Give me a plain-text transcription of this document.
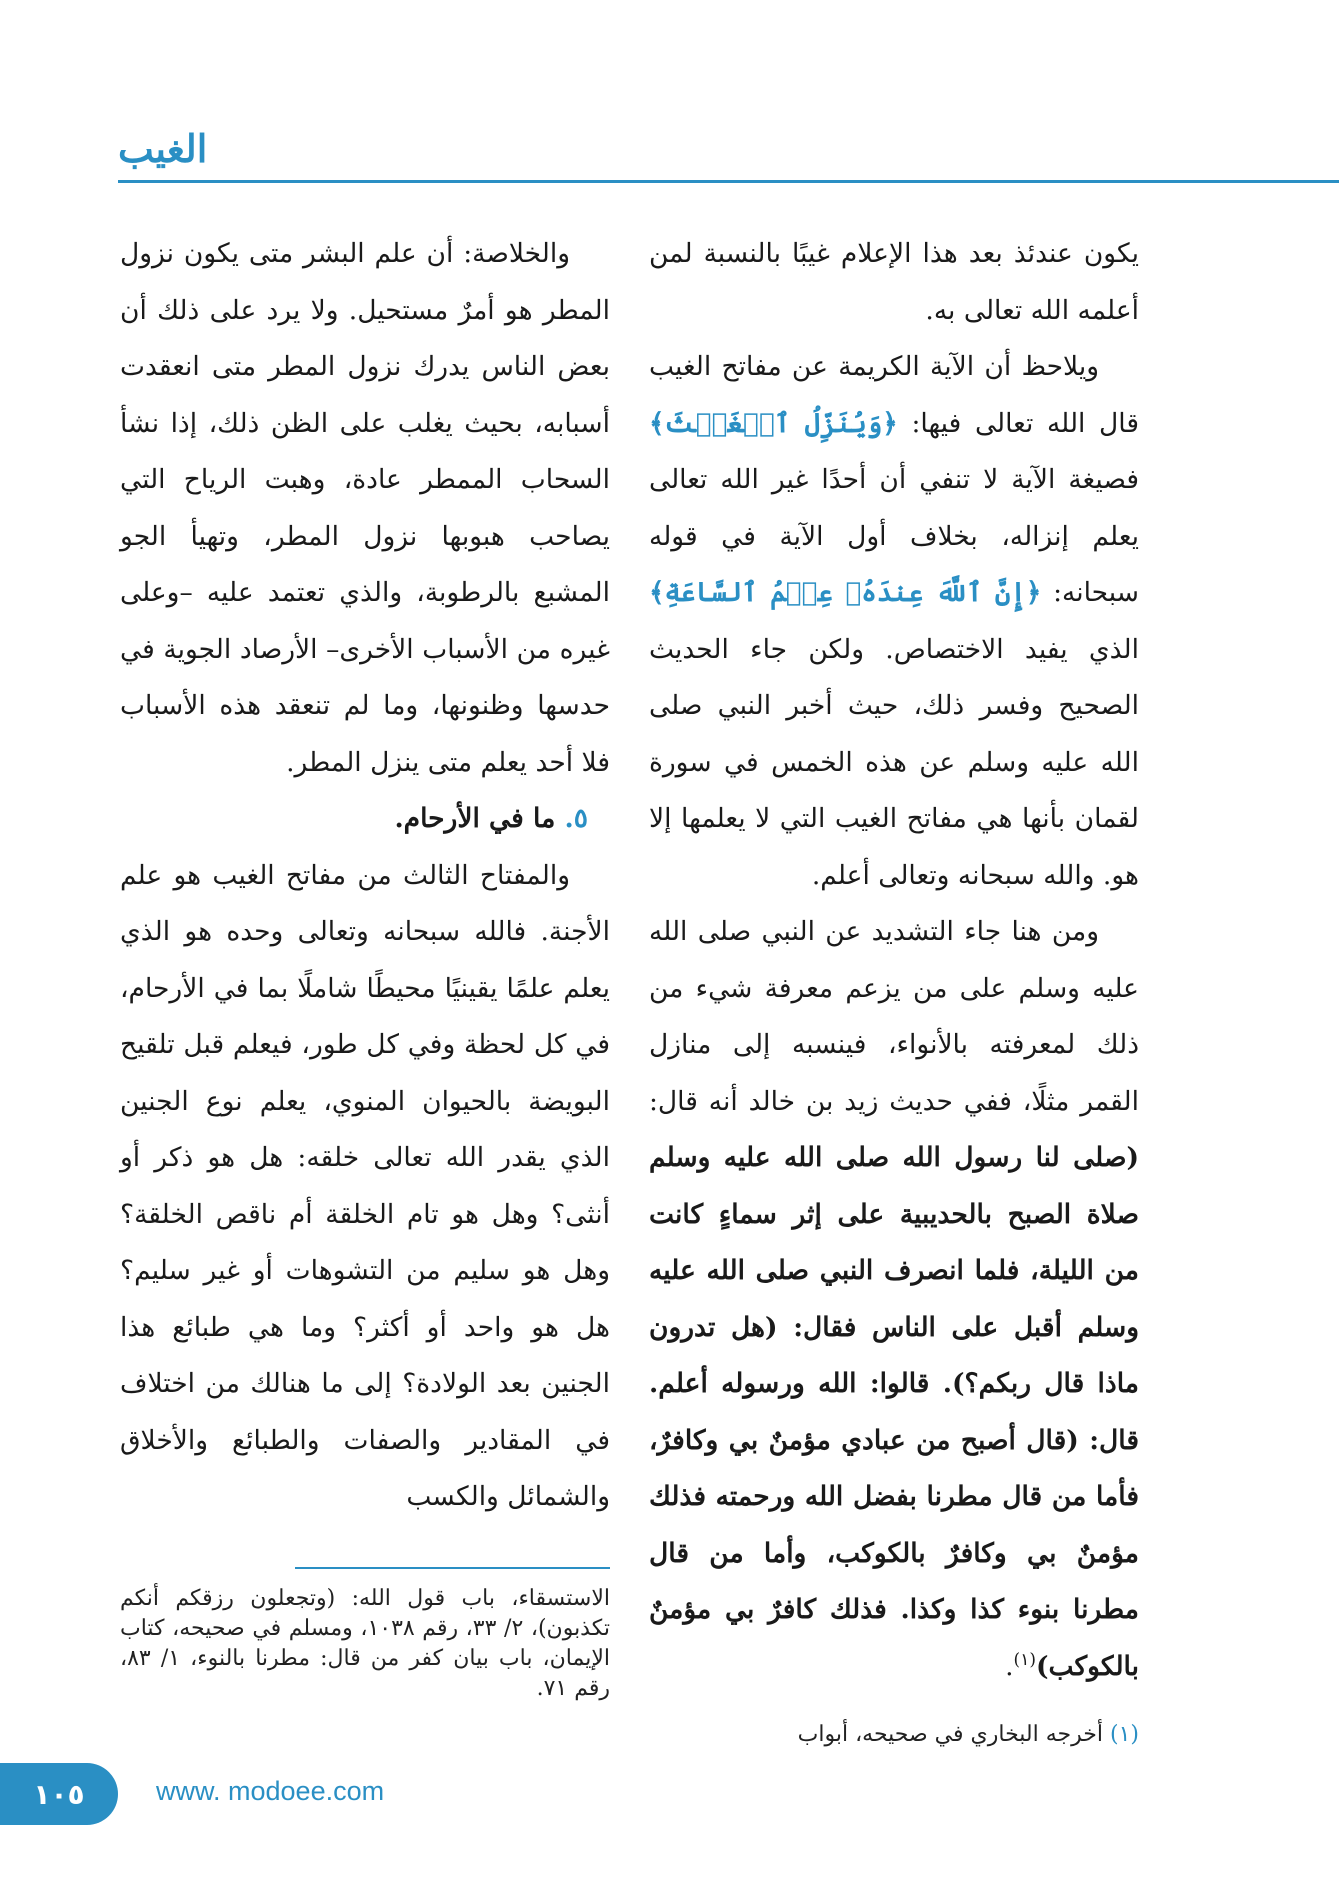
الغيب

يكون عندئذ بعد هذا الإعلام غيبًا بالنسبة لمن أعلمه الله تعالى به.

ويلاحظ أن الآية الكريمة عن مفاتح الغيب قال الله تعالى فيها: ﴿وَيُنَزِّلُ ٱلۡغَيۡثَ﴾ فصيغة الآية لا تنفي أن أحدًا غير الله تعالى يعلم إنزاله، بخلاف أول الآية في قوله سبحانه: ﴿إِنَّ ٱللَّهَ عِندَهُۥ عِلۡمُ ٱلسَّاعَةِ﴾ الذي يفيد الاختصاص. ولكن جاء الحديث الصحيح وفسر ذلك، حيث أخبر النبي صلى الله عليه وسلم عن هذه الخمس في سورة لقمان بأنها هي مفاتح الغيب التي لا يعلمها إلا هو. والله سبحانه وتعالى أعلم.

ومن هنا جاء التشديد عن النبي صلى الله عليه وسلم على من يزعم معرفة شيء من ذلك لمعرفته بالأنواء، فينسبه إلى منازل القمر مثلًا، ففي حديث زيد بن خالد أنه قال: (صلى لنا رسول الله صلى الله عليه وسلم صلاة الصبح بالحديبية على إثر سماءٍ كانت من الليلة، فلما انصرف النبي صلى الله عليه وسلم أقبل على الناس فقال: (هل تدرون ماذا قال ربكم؟). قالوا: الله ورسوله أعلم. قال: (قال أصبح من عبادي مؤمنٌ بي وكافرٌ، فأما من قال مطرنا بفضل الله ورحمته فذلك مؤمنٌ بي وكافرٌ بالكوكب، وأما من قال مطرنا بنوء كذا وكذا. فذلك كافرٌ بي مؤمنٌ بالكوكب)$^{(١)}$.

والخلاصة: أن علم البشر متى يكون نزول المطر هو أمرٌ مستحيل. ولا يرد على ذلك أن بعض الناس يدرك نزول المطر متى انعقدت أسبابه، بحيث يغلب على الظن ذلك، إذا نشأ السحاب الممطر عادة، وهبت الرياح التي يصاحب هبوبها نزول المطر، وتهيأ الجو المشبع بالرطوبة، والذي تعتمد عليه –وعلى غيره من الأسباب الأخرى– الأرصاد الجوية في حدسها وظنونها، وما لم تنعقد هذه الأسباب فلا أحد يعلم متى ينزل المطر.

٥. ما في الأرحام.

والمفتاح الثالث من مفاتح الغيب هو علم الأجنة. فالله سبحانه وتعالى وحده هو الذي يعلم علمًا يقينيًا محيطًا شاملًا بما في الأرحام، في كل لحظة وفي كل طور، فيعلم قبل تلقيح البويضة بالحيوان المنوي، يعلم نوع الجنين الذي يقدر الله تعالى خلقه: هل هو ذكر أو أنثى؟ وهل هو تام الخلقة أم ناقص الخلقة؟ وهل هو سليم من التشوهات أو غير سليم؟ هل هو واحد أو أكثر؟ وما هي طبائع هذا الجنين بعد الولادة؟ إلى ما هنالك من اختلاف في المقادير والصفات والطبائع والأخلاق والشمائل والكسب

الاستسقاء، باب قول الله: (وتجعلون رزقكم أنكم تكذبون)، ٢/ ٣٣، رقم ١٠٣٨، ومسلم في صحيحه، كتاب الإيمان، باب بيان كفر من قال: مطرنا بالنوء، ١/ ٨٣، رقم ٧١.

(١) أخرجه البخاري في صحيحه، أبواب

١٠٥	www. modoee.com
